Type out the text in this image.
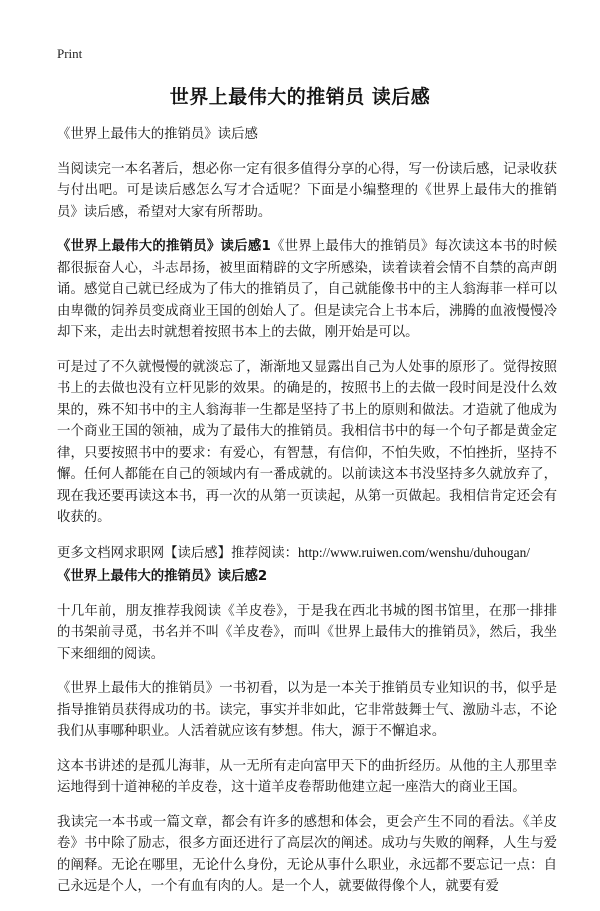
Print
世界上最伟大的推销员 读后感

《世界上最伟大的推销员》读后感

当阅读完一本名著后，想必你一定有很多值得分享的心得，写一份读后感，记录收获与付出吧。可是读后感怎么写才合适呢？下面是小编整理的《世界上最伟大的推销员》读后感，希望对大家有所帮助。

《世界上最伟大的推销员》读后感1《世界上最伟大的推销员》每次读这本书的时候都很振奋人心，斗志昂扬，被里面精辟的文字所感染，读着读着会情不自禁的高声朗诵。感觉自己就已经成为了伟大的推销员了，自己就能像书中的主人翁海菲一样可以由卑微的饲养员变成商业王国的创始人了。但是读完合上书本后，沸腾的血液慢慢冷却下来，走出去时就想着按照书本上的去做，刚开始是可以。

可是过了不久就慢慢的就淡忘了，渐渐地又显露出自己为人处事的原形了。觉得按照书上的去做也没有立杆见影的效果。的确是的，按照书上的去做一段时间是没什么效果的，殊不知书中的主人翁海菲一生都是坚持了书上的原则和做法。才造就了他成为一个商业王国的领袖，成为了最伟大的推销员。我相信书中的每一个句子都是黄金定律，只要按照书中的要求：有爱心，有智慧，有信仰，不怕失败，不怕挫折，坚持不懈。任何人都能在自己的领域内有一番成就的。以前读这本书没坚持多久就放弃了，现在我还要再读这本书，再一次的从第一页读起，从第一页做起。我相信肯定还会有收获的。

更多文档网求职网【读后感】推荐阅读：http://www.ruiwen.com/wenshu/duhougan/

《世界上最伟大的推销员》读后感2

十几年前，朋友推荐我阅读《羊皮卷》，于是我在西北书城的图书馆里，在那一排排的书架前寻觅，书名并不叫《羊皮卷》，而叫《世界上最伟大的推销员》，然后，我坐下来细细的阅读。

《世界上最伟大的推销员》一书初看，以为是一本关于推销员专业知识的书，似乎是指导推销员获得成功的书。读完，事实并非如此，它非常鼓舞士气、激励斗志，不论我们从事哪种职业。人活着就应该有梦想。伟大，源于不懈追求。

这本书讲述的是孤儿海菲，从一无所有走向富甲天下的曲折经历。从他的主人那里幸运地得到十道神秘的羊皮卷，这十道羊皮卷帮助他建立起一座浩大的商业王国。

我读完一本书或一篇文章，都会有许多的感想和体会，更会产生不同的看法。《羊皮卷》书中除了励志，很多方面还进行了高层次的阐述。成功与失败的阐释，人生与爱的阐释。无论在哪里，无论什么身份，无论从事什么职业，永远都不要忘记一点：自己永远是个人，一个有血有肉的人。是一个人，就要做得像个人，就要有爱
